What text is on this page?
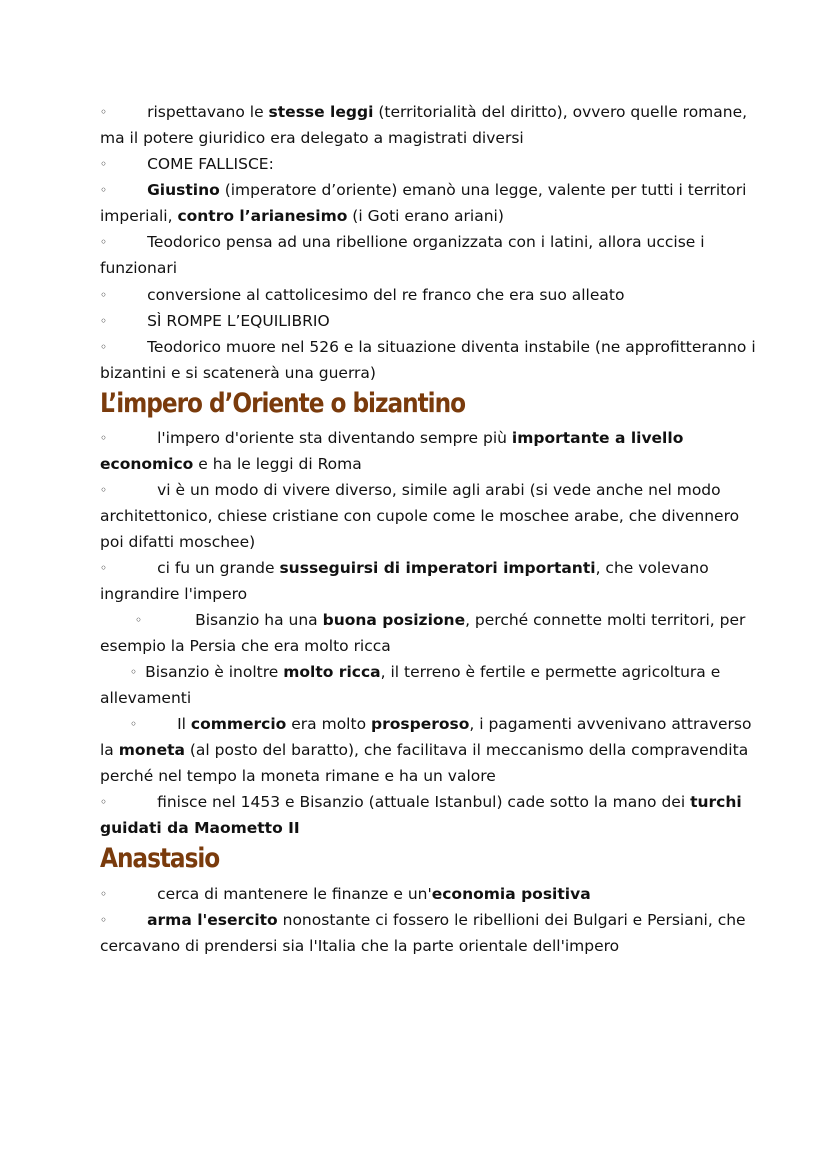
◦	rispettavano le stesse leggi (territorialità del diritto), ovvero quelle romane, ma il potere giuridico era delegato a magistrati diversi

◦	COME FALLISCE:

◦	Giustino (imperatore d’oriente) emanò una legge, valente per tutti i territori imperiali, contro l’arianesimo (i Goti erano ariani)

◦	Teodorico pensa ad una ribellione organizzata con i latini, allora uccise i funzionari

◦	conversione al cattolicesimo del re franco che era suo alleato

◦	SÌ ROMPE L’EQUILIBRIO

◦	Teodorico muore nel 526 e la situazione diventa instabile (ne approfitteranno i bizantini e si scatenerà una guerra)

L’impero d’Oriente o bizantino

◦	l'impero d'oriente sta diventando sempre più importante a livello economico e ha le leggi di Roma

◦	vi è un modo di vivere diverso, simile agli arabi (si vede anche nel modo architettonico, chiese cristiane con cupole come le moschee arabe, che divennero poi difatti moschee)

◦	ci fu un grande susseguirsi di imperatori importanti, che volevano ingrandire l'impero

◦	Bisanzio ha una buona posizione, perché connette molti territori, per esempio la Persia che era molto ricca

◦ Bisanzio è inoltre molto ricca, il terreno è fertile e permette agricoltura e allevamenti

◦	Il commercio era molto prosperoso, i pagamenti avvenivano attraverso la moneta (al posto del baratto), che facilitava il meccanismo della compravendita perché nel tempo la moneta rimane e ha un valore

◦	finisce nel 1453 e Bisanzio (attuale Istanbul) cade sotto la mano dei turchi guidati da Maometto II

Anastasio

◦	cerca di mantenere le finanze e un'economia positiva

◦	arma l'esercito nonostante ci fossero le ribellioni dei Bulgari e Persiani, che cercavano di prendersi sia l'Italia che la parte orientale dell'impero
